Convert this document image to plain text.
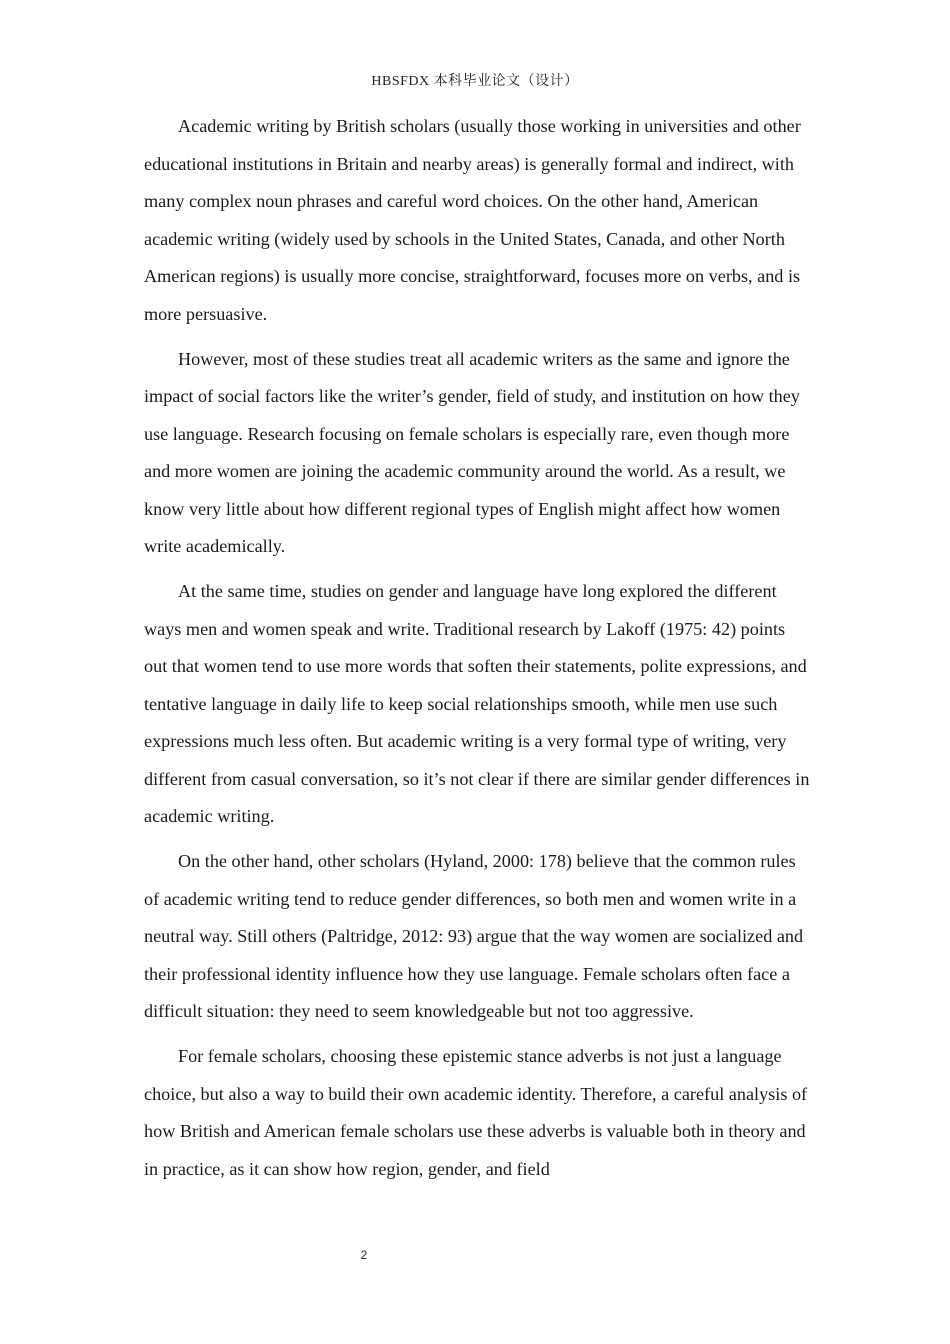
HBSFDX 本科毕业论文（设计）

Academic writing by British scholars (usually those working in universities and other educational institutions in Britain and nearby areas) is generally formal and indirect, with many complex noun phrases and careful word choices. On the other hand, American academic writing (widely used by schools in the United States, Canada, and other North American regions) is usually more concise, straightforward, focuses more on verbs, and is more persuasive.

However, most of these studies treat all academic writers as the same and ignore the impact of social factors like the writer’s gender, field of study, and institution on how they use language. Research focusing on female scholars is especially rare, even though more and more women are joining the academic community around the world. As a result, we know very little about how different regional types of English might affect how women write academically.

At the same time, studies on gender and language have long explored the different ways men and women speak and write. Traditional research by Lakoff (1975: 42) points out that women tend to use more words that soften their statements, polite expressions, and tentative language in daily life to keep social relationships smooth, while men use such expressions much less often. But academic writing is a very formal type of writing, very different from casual conversation, so it’s not clear if there are similar gender differences in academic writing.

On the other hand, other scholars (Hyland, 2000: 178) believe that the common rules of academic writing tend to reduce gender differences, so both men and women write in a neutral way. Still others (Paltridge, 2012: 93) argue that the way women are socialized and their professional identity influence how they use language. Female scholars often face a difficult situation: they need to seem knowledgeable but not too aggressive.

For female scholars, choosing these epistemic stance adverbs is not just a language choice, but also a way to build their own academic identity. Therefore, a careful analysis of how British and American female scholars use these adverbs is valuable both in theory and in practice, as it can show how region, gender, and field

2
